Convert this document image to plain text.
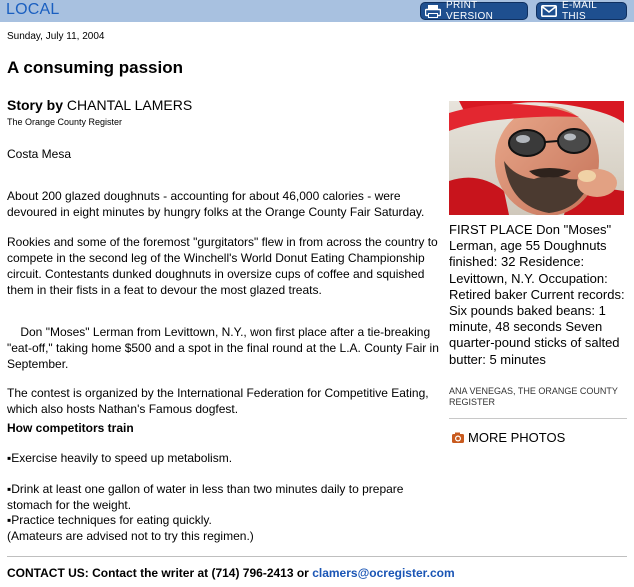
LOCAL	PRINT VERSION
E-MAIL THIS
Sunday, July 11, 2004
A consuming passion
Story by CHANTAL LAMERS
The Orange County Register
Costa Mesa

About 200 glazed doughnuts - accounting for about 46,000 calories - were devoured in eight minutes by hungry folks at the Orange County Fair Saturday.

Rookies and some of the foremost "gurgitators" flew in from across the country to compete in the second leg of the Winchell's World Donut Eating Championship circuit. Contestants dunked doughnuts in oversize cups of coffee and squished them in their fists in a feat to devour the most glazed treats.

Don "Moses" Lerman from Levittown, N.Y., won first place after a tie-breaking "eat-off," taking home $500 and a spot in the final round at the L.A. County Fair in September.

The contest is organized by the International Federation for Competitive Eating, which also hosts Nathan's Famous dogfest.

How competitors train
▪Exercise heavily to speed up metabolism.
▪Drink at least one gallon of water in less than two minutes daily to prepare stomach for the weight.
▪Practice techniques for eating quickly.
(Amateurs are advised not to try this regimen.)
FIRST PLACE Don "Moses" Lerman, age 55 Doughnuts finished: 32 Residence: Levittown, N.Y. Occupation: Retired baker Current records: Six pounds baked beans: 1 minute, 48 seconds Seven quarter-pound sticks of salted butter: 5 minutes
ANA VENEGAS, THE ORANGE COUNTY REGISTER
MORE PHOTOS
CONTACT US: Contact the writer at (714) 796-2413 or clamers@ocregister.com
